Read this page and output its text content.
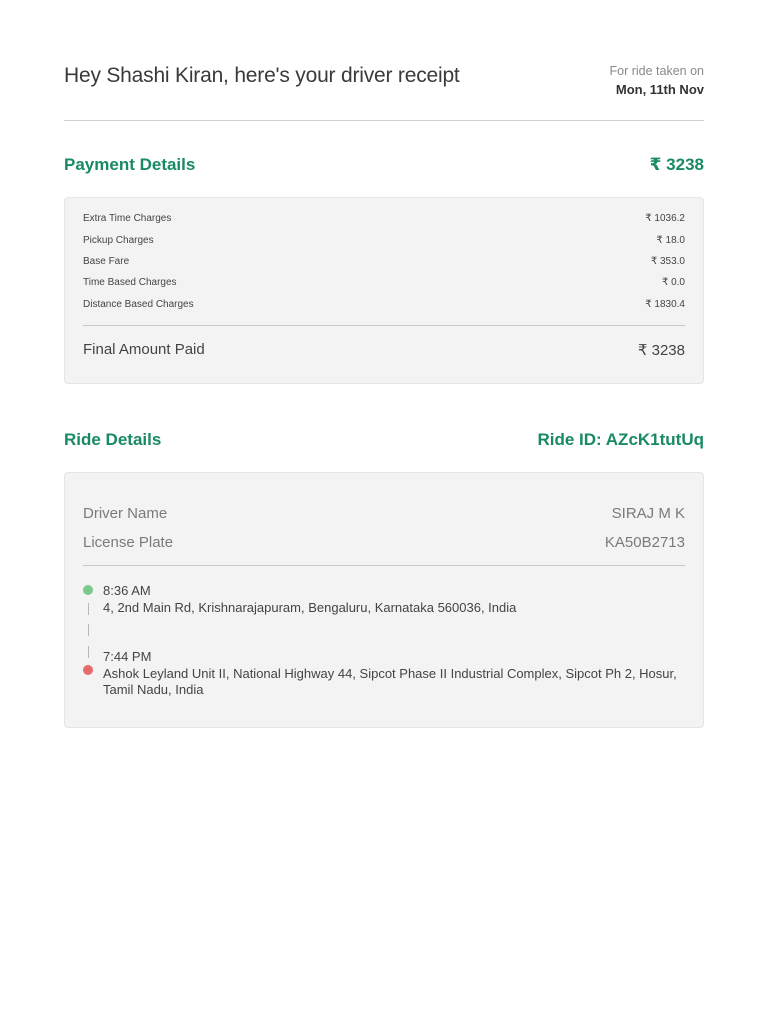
Hey Shashi Kiran, here's your driver receipt	For ride taken on
Mon, 11th Nov
Payment Details	₹ 3238
Extra Time Charges	₹ 1036.2
Pickup Charges	₹ 18.0
Base Fare	₹ 353.0
Time Based Charges	₹ 0.0
Distance Based Charges	₹ 1830.4
Final Amount Paid	₹ 3238
Ride Details	Ride ID: AZcK1tutUq
Driver Name	SIRAJ M K
License Plate	KA50B2713
8:36 AM
4, 2nd Main Rd, Krishnarajapuram, Bengaluru, Karnataka 560036, India
7:44 PM
Ashok Leyland Unit II, National Highway 44, Sipcot Phase II Industrial Complex, Sipcot Ph 2, Hosur, Tamil Nadu, India
